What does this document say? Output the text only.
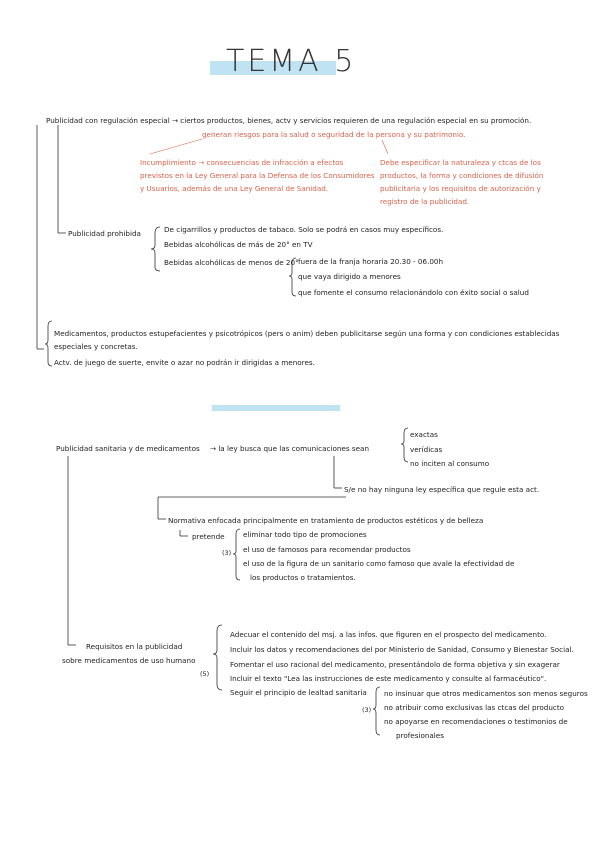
TEMA 5
Publicidad con regulación especial → ciertos productos, bienes, actv y servicios requieren de una regulación especial en su promoción.
generan riesgos para la salud o seguridad de la persona y su patrimonio.
Incumplimiento → consecuencias de infracción a efectos
previstos en la Ley General para la Defensa de los Consumidores
y Usuarios, además de una Ley General de Sanidad.
Debe especificar la naturaleza y ctcas de los
productos, la forma y condiciones de difusión
publicitaria y los requisitos de autorización y
registro de la publicidad.
Publicidad prohibida	De cigarrillos y productos de tabaco. Solo se podrá en casos muy específicos.
Bebidas alcohólicas de más de 20° en TV
Bebidas alcohólicas de menos de 20° fuera de la franja horaria 20.30 - 06.00h
que vaya dirigido a menores
que fomente el consumo relacionándolo con éxito social o salud
Medicamentos, productos estupefacientes y psicotrópicos (pers o anim) deben publicitarse según una forma y con condiciones establecidas
especiales y concretas.
Actv. de juego de suerte, envite o azar no podrán ir dirigidas a menores.
Publicidad sanitaria y de medicamentos → la ley busca que las comunicaciones sean
exactas
verídicas
no inciten al consumo
S/e no hay ninguna ley específica que regule esta act.
Normativa enfocada principalmente en tratamiento de productos estéticos y de belleza
pretende
(3)
eliminar todo tipo de promociones
el uso de famosos para recomendar productos
el uso de la figura de un sanitario como famoso que avale la efectividad de
los productos o tratamientos.
Requisitos en la publicidad
sobre medicamentos de uso humano
(5)
Adecuar el contenido del msj. a las infos. que figuren en el prospecto del medicamento.
Incluir los datos y recomendaciones del por Ministerio de Sanidad, Consumo y Bienestar Social.
Fomentar el uso racional del medicamento, presentándolo de forma objetiva y sin exagerar
Incluir el texto "Lea las instrucciones de este medicamento y consulte al farmacéutico".
Seguir el principio de lealtad sanitaria
(3)
no insinuar que otros medicamentos son menos seguros
no atribuir como exclusivas las ctcas del producto
no apoyarse en recomendaciones o testimonios de
profesionales
